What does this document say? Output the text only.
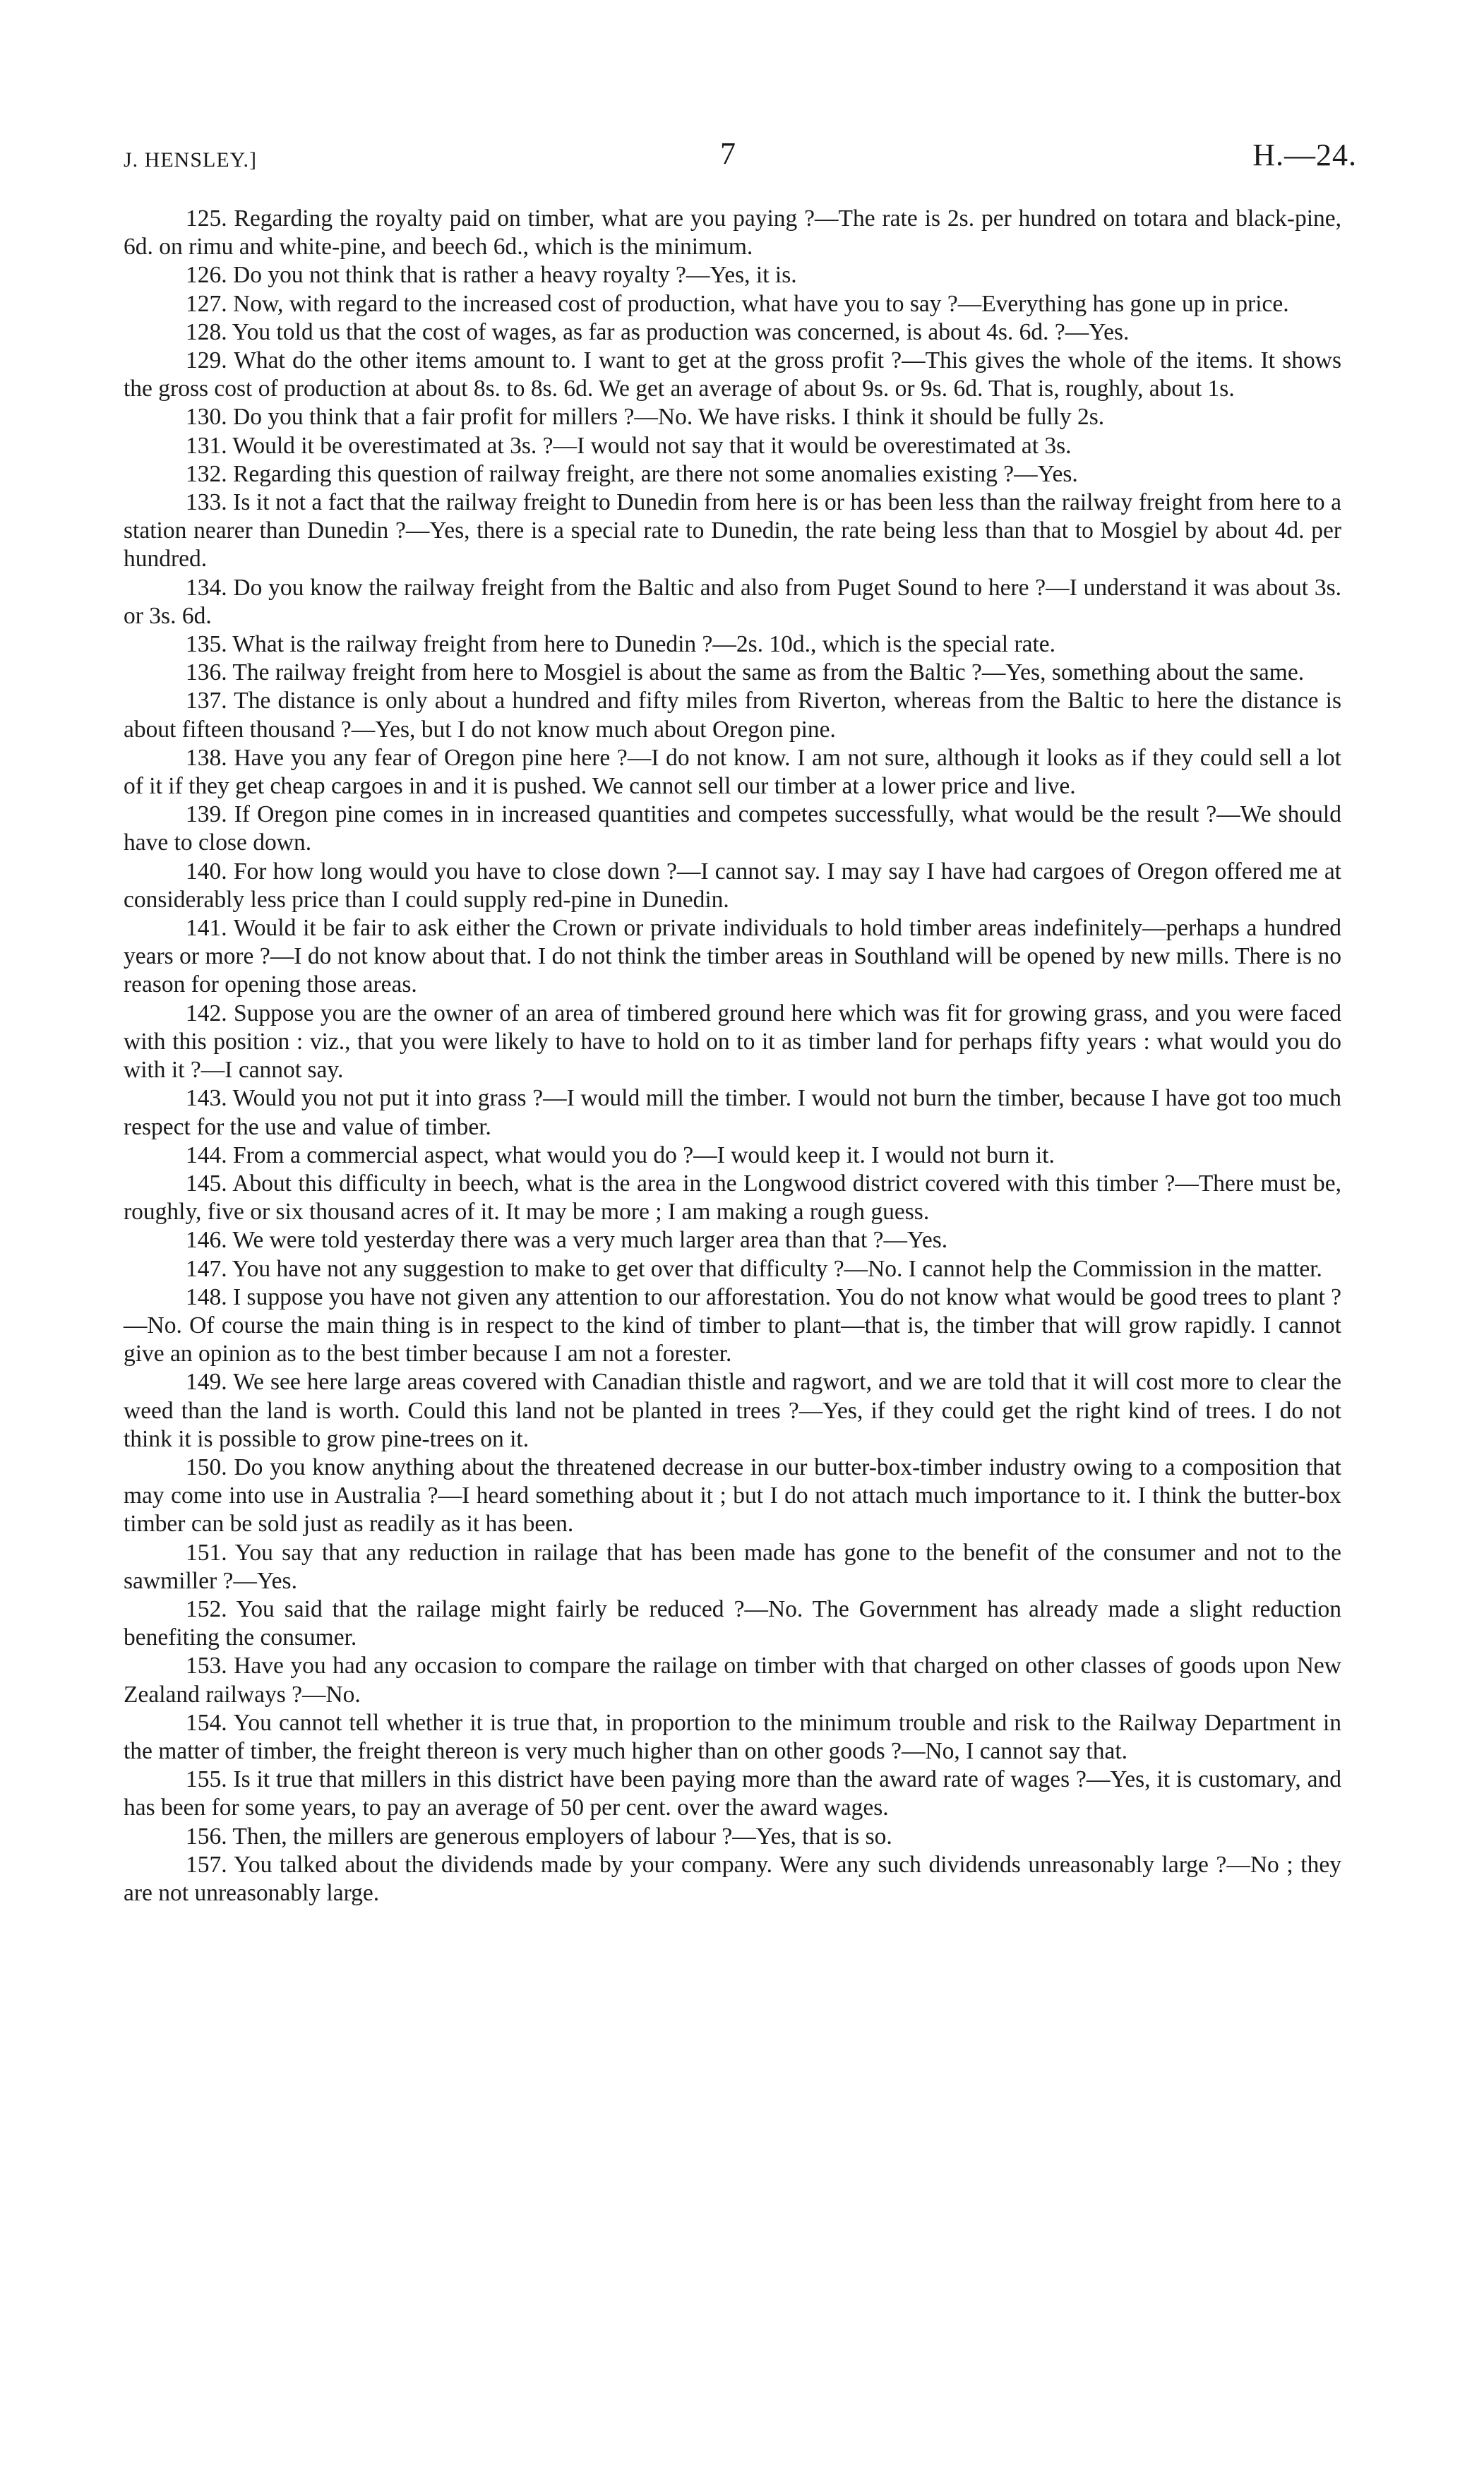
J. HENSLEY.]	7	H.—24.

125. Regarding the royalty paid on timber, what are you paying ?—The rate is 2s. per hundred on totara and black-pine, 6d. on rimu and white-pine, and beech 6d., which is the minimum.

126. Do you not think that is rather a heavy royalty ?—Yes, it is.

127. Now, with regard to the increased cost of production, what have you to say ?—Everything has gone up in price.

128. You told us that the cost of wages, as far as production was concerned, is about 4s. 6d. ?—Yes.

129. What do the other items amount to. I want to get at the gross profit ?—This gives the whole of the items. It shows the gross cost of production at about 8s. to 8s. 6d. We get an average of about 9s. or 9s. 6d. That is, roughly, about 1s.

130. Do you think that a fair profit for millers ?—No. We have risks. I think it should be fully 2s.

131. Would it be overestimated at 3s. ?—I would not say that it would be overestimated at 3s.

132. Regarding this question of railway freight, are there not some anomalies existing ?—Yes.

133. Is it not a fact that the railway freight to Dunedin from here is or has been less than the railway freight from here to a station nearer than Dunedin ?—Yes, there is a special rate to Dunedin, the rate being less than that to Mosgiel by about 4d. per hundred.

134. Do you know the railway freight from the Baltic and also from Puget Sound to here ?—I understand it was about 3s. or 3s. 6d.

135. What is the railway freight from here to Dunedin ?—2s. 10d., which is the special rate.

136. The railway freight from here to Mosgiel is about the same as from the Baltic ?—Yes, something about the same.

137. The distance is only about a hundred and fifty miles from Riverton, whereas from the Baltic to here the distance is about fifteen thousand ?—Yes, but I do not know much about Oregon pine.

138. Have you any fear of Oregon pine here ?—I do not know. I am not sure, although it looks as if they could sell a lot of it if they get cheap cargoes in and it is pushed. We cannot sell our timber at a lower price and live.

139. If Oregon pine comes in in increased quantities and competes successfully, what would be the result ?—We should have to close down.

140. For how long would you have to close down ?—I cannot say. I may say I have had cargoes of Oregon offered me at considerably less price than I could supply red-pine in Dunedin.

141. Would it be fair to ask either the Crown or private individuals to hold timber areas indefinitely—perhaps a hundred years or more ?—I do not know about that. I do not think the timber areas in Southland will be opened by new mills. There is no reason for opening those areas.

142. Suppose you are the owner of an area of timbered ground here which was fit for growing grass, and you were faced with this position : viz., that you were likely to have to hold on to it as timber land for perhaps fifty years : what would you do with it ?—I cannot say.

143. Would you not put it into grass ?—I would mill the timber. I would not burn the timber, because I have got too much respect for the use and value of timber.

144. From a commercial aspect, what would you do ?—I would keep it. I would not burn it.

145. About this difficulty in beech, what is the area in the Longwood district covered with this timber ?—There must be, roughly, five or six thousand acres of it. It may be more ; I am making a rough guess.

146. We were told yesterday there was a very much larger area than that ?—Yes.

147. You have not any suggestion to make to get over that difficulty ?—No. I cannot help the Commission in the matter.

148. I suppose you have not given any attention to our afforestation. You do not know what would be good trees to plant ?—No. Of course the main thing is in respect to the kind of timber to plant—that is, the timber that will grow rapidly. I cannot give an opinion as to the best timber because I am not a forester.

149. We see here large areas covered with Canadian thistle and ragwort, and we are told that it will cost more to clear the weed than the land is worth. Could this land not be planted in trees ?—Yes, if they could get the right kind of trees. I do not think it is possible to grow pine-trees on it.

150. Do you know anything about the threatened decrease in our butter-box-timber industry owing to a composition that may come into use in Australia ?—I heard something about it ; but I do not attach much importance to it. I think the butter-box timber can be sold just as readily as it has been.

151. You say that any reduction in railage that has been made has gone to the benefit of the consumer and not to the sawmiller ?—Yes.

152. You said that the railage might fairly be reduced ?—No. The Government has already made a slight reduction benefiting the consumer.

153. Have you had any occasion to compare the railage on timber with that charged on other classes of goods upon New Zealand railways ?—No.

154. You cannot tell whether it is true that, in proportion to the minimum trouble and risk to the Railway Department in the matter of timber, the freight thereon is very much higher than on other goods ?—No, I cannot say that.

155. Is it true that millers in this district have been paying more than the award rate of wages ?—Yes, it is customary, and has been for some years, to pay an average of 50 per cent. over the award wages.

156. Then, the millers are generous employers of labour ?—Yes, that is so.

157. You talked about the dividends made by your company. Were any such dividends unreasonably large ?—No ; they are not unreasonably large.
